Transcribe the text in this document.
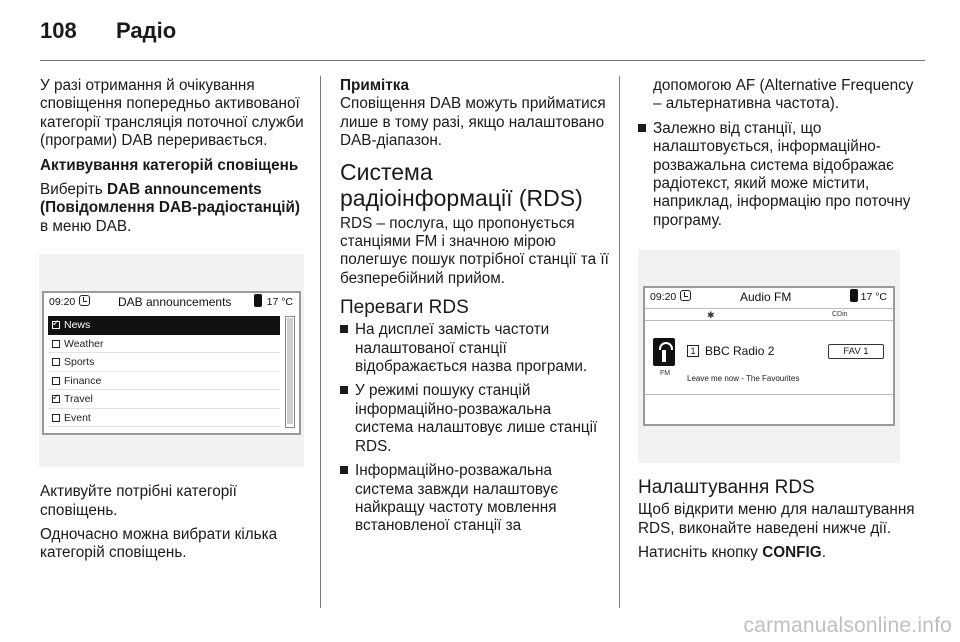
108 Радіо

У разі отримання й очікування сповіщення попередньо активованої категорії трансляція поточної служби (програми) DAB переривається.

Активування категорій сповіщень

Виберіть DAB announcements (Повідомлення DAB-радіостанцій) в меню DAB.

09:20	DAB announcements	17 °C
✓News
Weather
Sports
Finance
✓Travel
Event

Активуйте потрібні категорії сповіщень.

Одночасно можна вибрати кілька категорій сповіщень.

Примітка

Сповіщення DAB можуть прийматися лише в тому разі, якщо налаштовано DAB-діапазон.

Система радіоінформації (RDS)

RDS – послуга, що пропонується станціями FM і значною мірою полегшує пошук потрібної станції та її безперебійний прийом.

Переваги RDS
На дисплеї замість частоти налаштованої станції відображається назва програми.
У режимі пошуку станцій інформаційно-розважальна система налаштовує лише станції RDS.
Інформаційно-розважальна система завжди налаштовує найкращу частоту мовлення встановленої станції за

допомогою AF (Alternative Frequency – альтернативна частота).

Залежно від станції, що налаштовується, інформаційно-розважальна система відображає радіотекст, який може містити, наприклад, інформацію про поточну програму.
09:20	Audio FM	17 °C
✱	CDin
FM
1 BBC Radio 2	FAV 1
Leave me now - The Favourites
Налаштування RDS

Щоб відкрити меню для налаштування RDS, виконайте наведені нижче дії.

Натисніть кнопку CONFIG.

carmanualsonline.info
